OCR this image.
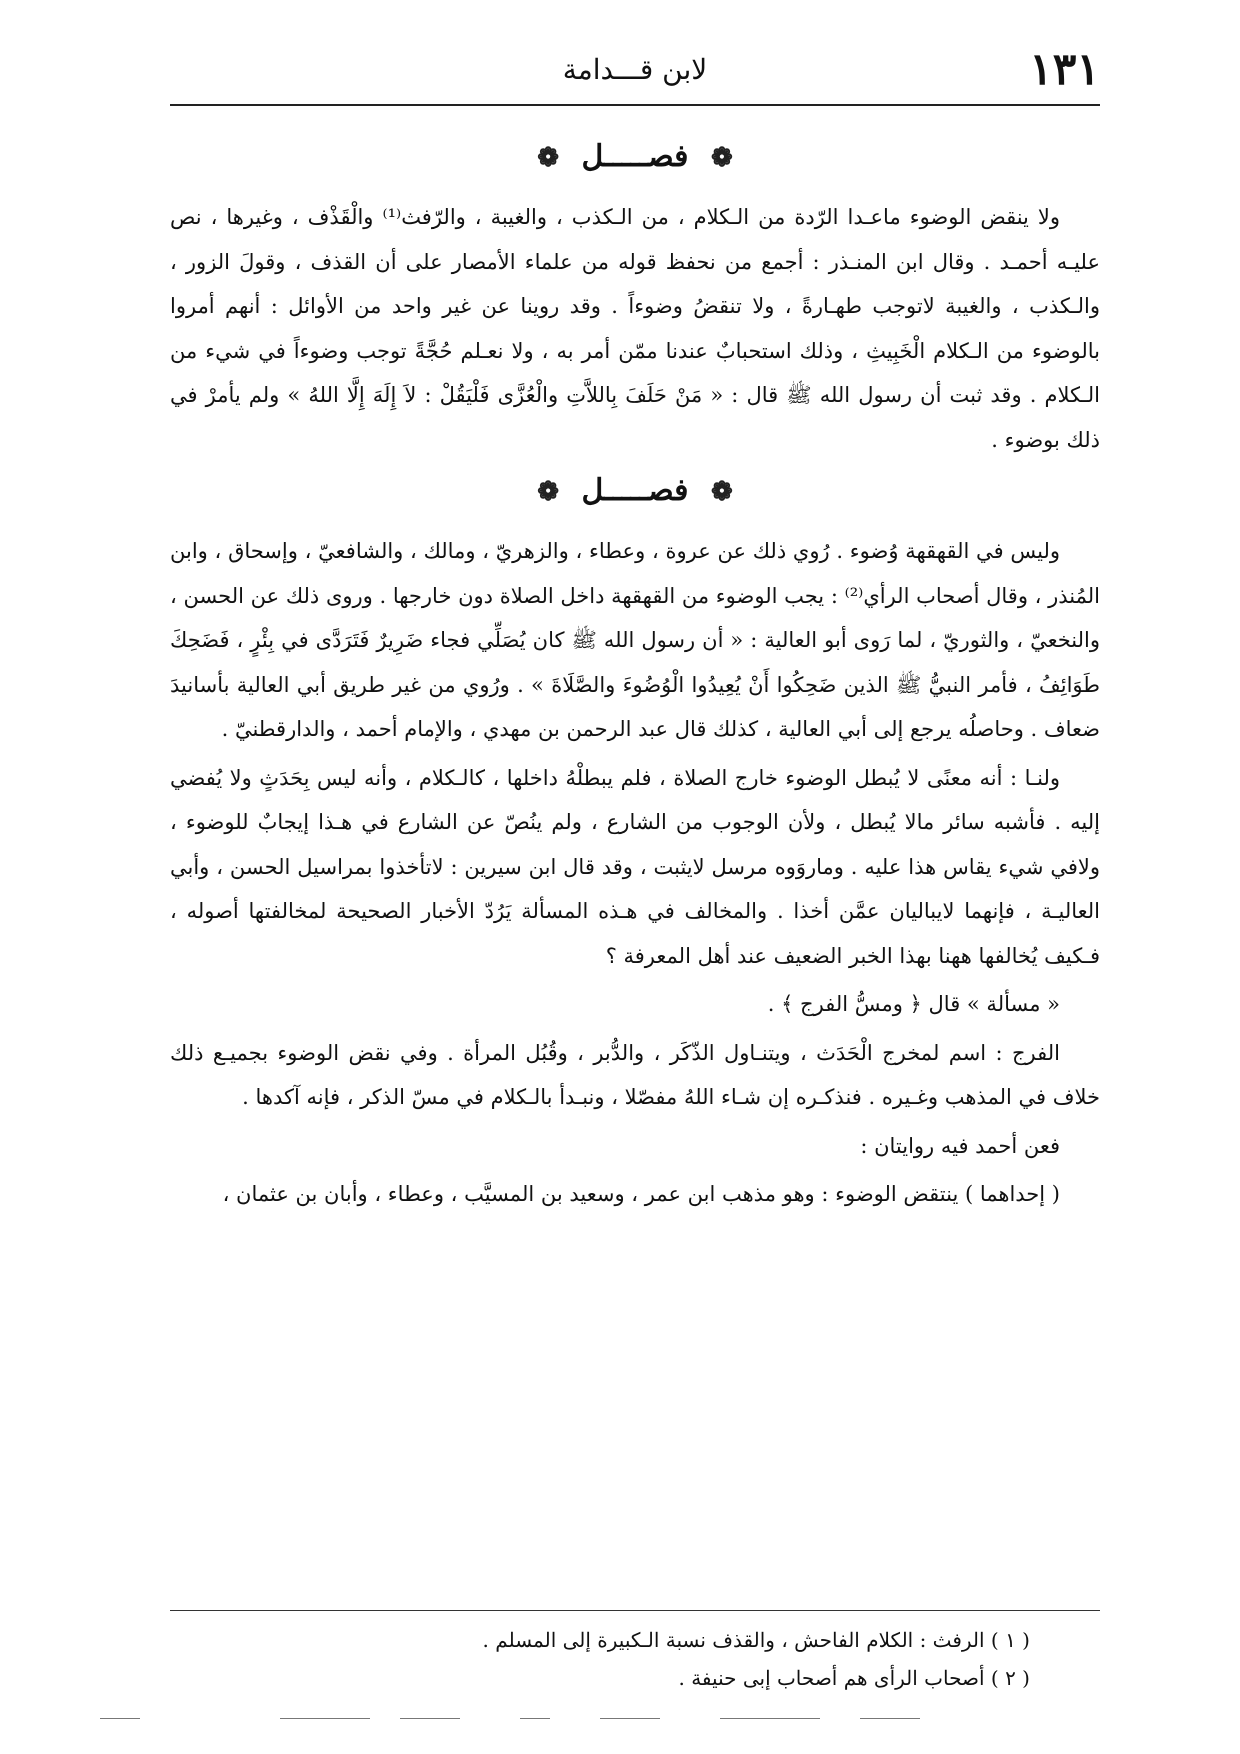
١٣١

لابن قـــدامة

❁ فصـــــل ❁

ولا ينقض الوضوء ماعـدا الرّدة من الـكلام ، من الـكذب ، والغيبة ، والرّفث⁽¹⁾ والْقَذْف ، وغيرها ، نص عليـه أحمـد . وقال ابن المنـذر : أجمع من نحفظ قوله من علماء الأمصار على أن القذف ، وقولَ الزور ، والـكذب ، والغيبة لاتوجب طهـارةً ، ولا تنقضُ وضوءاً . وقد روينا عن غير واحد من الأوائل : أنهم أمروا بالوضوء من الـكلام الْخَبِيثِ ، وذلك استحبابٌ عندنا ممّن أمر به ، ولا نعـلم حُجَّةً توجب وضوءاً في شيء من الـكلام . وقد ثبت أن رسول الله ﷺ قال : « مَنْ حَلَفَ بِاللاَّتِ والْعُزَّى فَلْيَقُلْ : لاَ إِلَهَ إِلَّا اللهُ » ولم يأمرْ في ذلك بوضوء .

❁ فصـــــل ❁

وليس في القهقهة وُضوء . رُوي ذلك عن عروة ، وعطاء ، والزهريّ ، ومالك ، والشافعيّ ، وإسحاق ، وابن المُنذر ، وقال أصحاب الرأي⁽²⁾ : يجب الوضوء من القهقهة داخل الصلاة دون خارجها . وروى ذلك عن الحسن ، والنخعيّ ، والثوريّ ، لما رَوى أبو العالية : « أن رسول الله ﷺ كان يُصَلِّي فجاء ضَرِيرٌ فَتَرَدَّى في بِئْرٍ ، فَضَحِكَ طَوَائِفُ ، فأمر النبيُّ ﷺ الذين ضَحِكُوا أَنْ يُعِيدُوا الْوُضُوءَ والصَّلَاةَ » . ورُوي من غير طريق أبي العالية بأسانيدَ ضعاف . وحاصلُه يرجع إلى أبي العالية ، كذلك قال عبد الرحمن بن مهدي ، والإمام أحمد ، والدارقطنيّ .

ولنـا : أنه معنًى لا يُبطل الوضوء خارج الصلاة ، فلم يبطلْهُ داخلها ، كالـكلام ، وأنه ليس بِحَدَثٍ ولا يُفضي إليه . فأشبه سائر مالا يُبطل ، ولأن الوجوب من الشارع ، ولم ينُصّ عن الشارع في هـذا إيجابٌ للوضوء ، ولافي شيء يقاس هذا عليه . وماروَوه مرسل لايثبت ، وقد قال ابن سيرين : لاتأخذوا بمراسيل الحسن ، وأبي العاليـة ، فإنهما لايباليان عمَّن أخذا . والمخالف في هـذه المسألة يَرُدّ الأخبار الصحيحة لمخالفتها أصوله ، فـكيف يُخالفها ههنا بهذا الخبر الضعيف عند أهل المعرفة ؟

« مسألة » قال ﴿ ومسُّ الفرج ﴾ .

الفرج : اسم لمخرج الْحَدَث ، ويتنـاول الذّكَر ، والدُّبر ، وقُبُل المرأة . وفي نقض الوضوء بجميـع ذلك خلاف في المذهب وغـيره . فنذكـره إن شـاء اللهُ مفصّلا ، ونبـدأ بالـكلام في مسّ الذكر ، فإنه آكدها .

فعن أحمد فيه روايتان :

( إحداهما ) ينتقض الوضوء : وهو مذهب ابن عمر ، وسعيد بن المسيَّب ، وعطاء ، وأبان بن عثمان ،

( ١ ) الرفث : الكلام الفاحش ، والقذف نسبة الـكبيرة إلى المسلم .

( ٢ ) أصحاب الرأى هم أصحاب إبى حنيفة .
